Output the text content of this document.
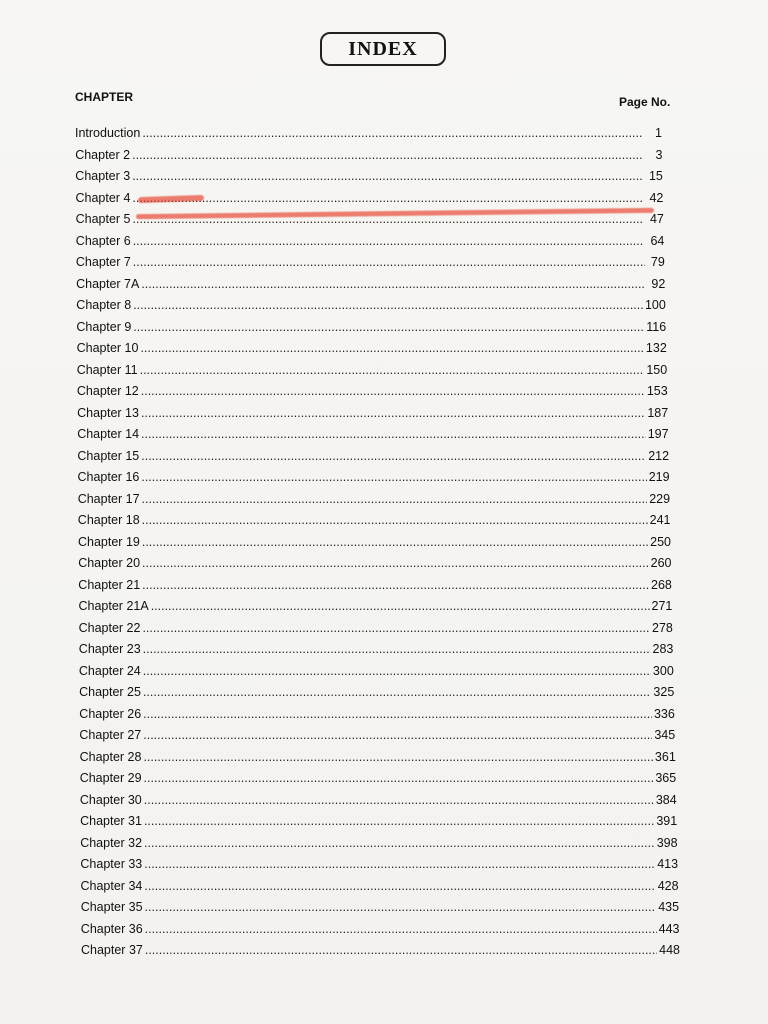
INDEX
CHAPTER	Page No.
Introduction .....	1
Chapter 2 .....	3
Chapter 3 .....	15
Chapter 4 .....	42
Chapter 5 .....	47
Chapter 6 .....	64
Chapter 7 .....	79
Chapter 7A .....	92
Chapter 8 .....	100
Chapter 9 .....	116
Chapter 10 .....	132
Chapter 11 .....	150
Chapter 12 .....	153
Chapter 13 .....	187
Chapter 14 .....	197
Chapter 15 .....	212
Chapter 16 .....	219
Chapter 17 .....	229
Chapter 18 .....	241
Chapter 19 .....	250
Chapter 20 .....	260
Chapter 21 .....	268
Chapter 21A .....	271
Chapter 22 .....	278
Chapter 23 .....	283
Chapter 24 .....	300
Chapter 25 .....	325
Chapter 26 .....	336
Chapter 27 .....	345
Chapter 28 .....	361
Chapter 29 .....	365
Chapter 30 .....	384
Chapter 31 .....	391
Chapter 32 .....	398
Chapter 33 .....	413
Chapter 34 .....	428
Chapter 35 .....	435
Chapter 36 .....	443
Chapter 37 .....	448
